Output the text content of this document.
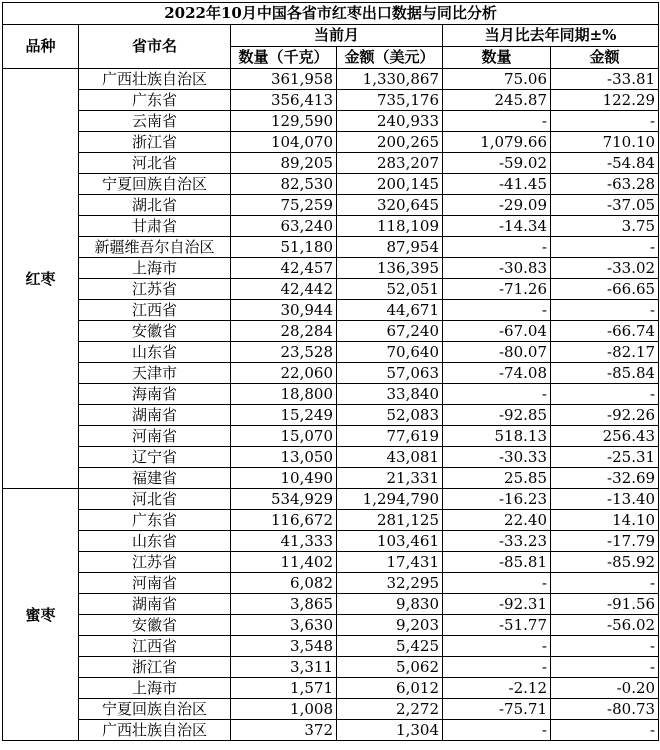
2022年10月中国各省市红枣出口数据与同比分析					
品种	省市名	当前月		当月比去年同期±%	
		数量（千克）	金额（美元）	数量	金额
红枣	广西壮族自治区	361,958	1,330,867	75.06	-33.81
	广东省	356,413	735,176	245.87	122.29
	云南省	129,590	240,933	-	-
	浙江省	104,070	200,265	1,079.66	710.10
	河北省	89,205	283,207	-59.02	-54.84
	宁夏回族自治区	82,530	200,145	-41.45	-63.28
	湖北省	75,259	320,645	-29.09	-37.05
	甘肃省	63,240	118,109	-14.34	3.75
	新疆维吾尔自治区	51,180	87,954	-	-
	上海市	42,457	136,395	-30.83	-33.02
	江苏省	42,442	52,051	-71.26	-66.65
	江西省	30,944	44,671	-	-
	安徽省	28,284	67,240	-67.04	-66.74
	山东省	23,528	70,640	-80.07	-82.17
	天津市	22,060	57,063	-74.08	-85.84
	海南省	18,800	33,840	-	-
	湖南省	15,249	52,083	-92.85	-92.26
	河南省	15,070	77,619	518.13	256.43
	辽宁省	13,050	43,081	-30.33	-25.31
	福建省	10,490	21,331	25.85	-32.69
蜜枣	河北省	534,929	1,294,790	-16.23	-13.40
	广东省	116,672	281,125	22.40	14.10
	山东省	41,333	103,461	-33.23	-17.79
	江苏省	11,402	17,431	-85.81	-85.92
	河南省	6,082	32,295	-	-
	湖南省	3,865	9,830	-92.31	-91.56
	安徽省	3,630	9,203	-51.77	-56.02
	江西省	3,548	5,425	-	-
	浙江省	3,311	5,062	-	-
	上海市	1,571	6,012	-2.12	-0.20
	宁夏回族自治区	1,008	2,272	-75.71	-80.73
	广西壮族自治区	372	1,304	-	-
